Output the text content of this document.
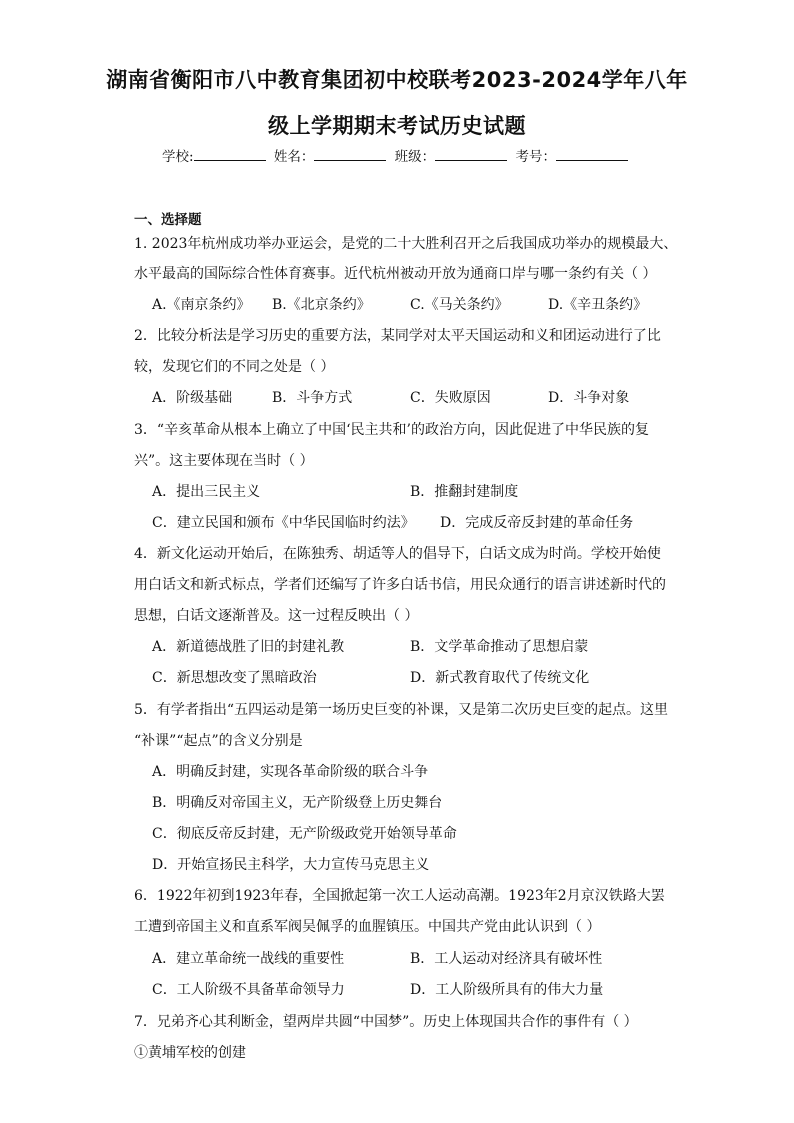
湖南省衡阳市八中教育集团初中校联考2023-2024学年八年
级上学期期末考试历史试题
学校:	姓名：	班级：	考号：
一、选择题
1. 2023年杭州成功举办亚运会，是党的二十大胜利召开之后我国成功举办的规模最大、
水平最高的国际综合性体育赛事。近代杭州被动开放为通商口岸与哪一条约有关（ ）
A.《南京条约》 B.《北京条约》	C.《马关条约》	D.《辛丑条约》
2．比较分析法是学习历史的重要方法，某同学对太平天国运动和义和团运动进行了比
较，发现它们的不同之处是（ ）
A．阶级基础	B．斗争方式	C．失败原因	D．斗争对象
3．“辛亥革命从根本上确立了中国‘民主共和’的政治方向，因此促进了中华民族的复
兴”。这主要体现在当时（ ）
A．提出三民主义	B．推翻封建制度
C．建立民国和颁布《中华民国临时约法》 D．完成反帝反封建的革命任务
4．新文化运动开始后，在陈独秀、胡适等人的倡导下，白话文成为时尚。学校开始使
用白话文和新式标点，学者们还编写了许多白话书信，用民众通行的语言讲述新时代的
思想，白话文逐渐普及。这一过程反映出（ ）
A．新道德战胜了旧的封建礼教	B．文学革命推动了思想启蒙
C．新思想改变了黑暗政治	D．新式教育取代了传统文化
5．有学者指出“五四运动是第一场历史巨变的补课，又是第二次历史巨变的起点。这里
“补课”“起点”的含义分别是
A．明确反封建，实现各革命阶级的联合斗争
B．明确反对帝国主义，无产阶级登上历史舞台
C．彻底反帝反封建，无产阶级政党开始领导革命
D．开始宣扬民主科学，大力宣传马克思主义
6．1922年初到1923年春，全国掀起第一次工人运动高潮。1923年2月京汉铁路大罢
工遭到帝国主义和直系军阀吴佩孚的血腥镇压。中国共产党由此认识到（ ）
A．建立革命统一战线的重要性	B．工人运动对经济具有破坏性
C．工人阶级不具备革命领导力	D．工人阶级所具有的伟大力量
7．兄弟齐心其利断金，望两岸共圆“中国梦”。历史上体现国共合作的事件有（ ）
①黄埔军校的创建
